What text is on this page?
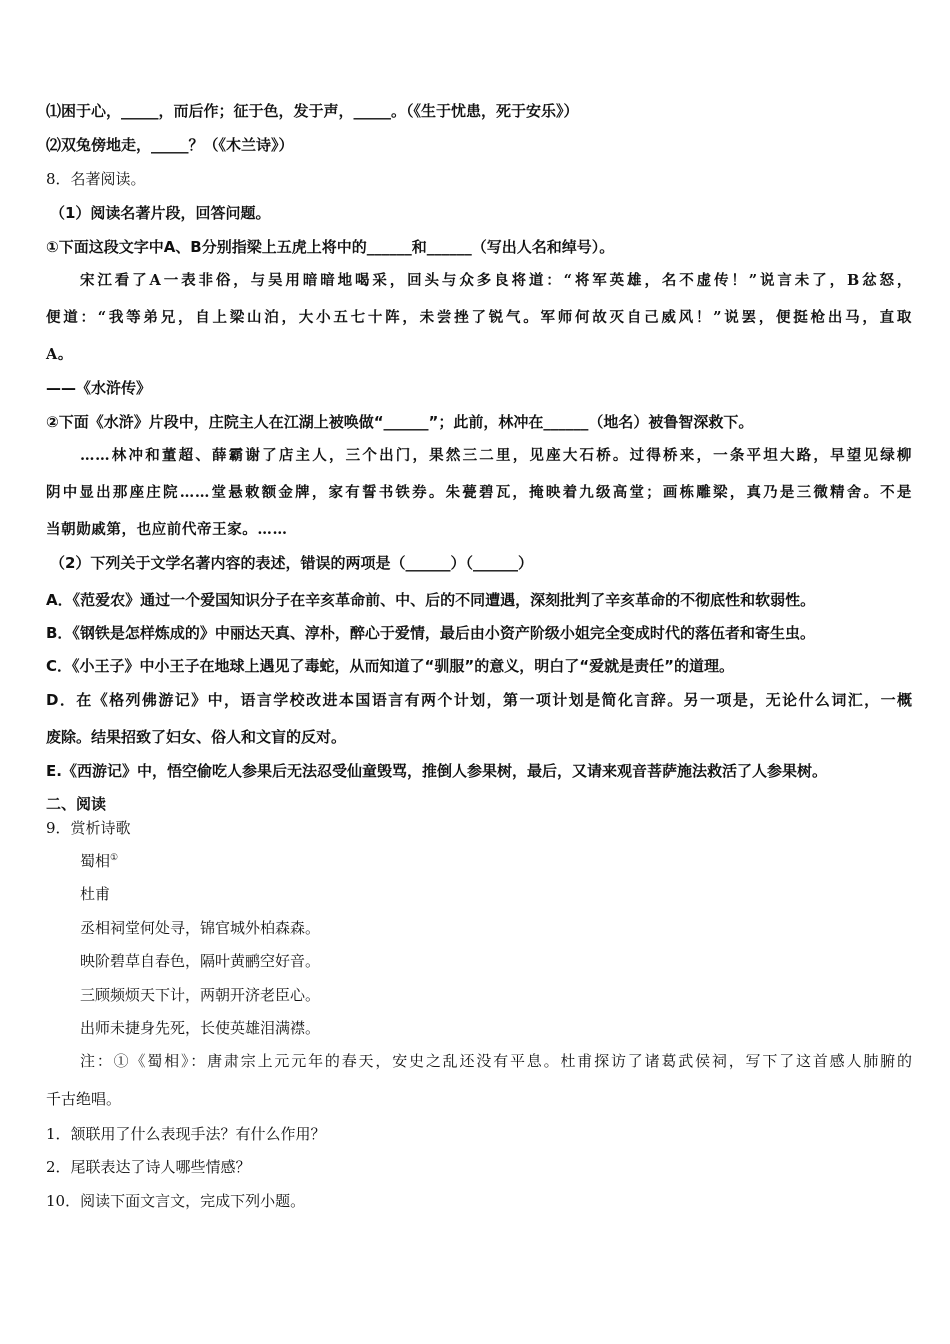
⑴困于心，_____，而后作；征于色，发于声，_____。（《生于忧患，死于安乐》）
⑵双兔傍地走，_____？（《木兰诗》）
8．名著阅读。
（1）阅读名著片段，回答问题。
①下面这段文字中A、B分别指梁上五虎上将中的______和______（写出人名和绰号）。
宋江看了A一表非俗，与吴用暗暗地喝采，回头与众多良将道：“将军英雄，名不虚传！”说言未了，B忿怒，
便道：“我等弟兄，自上梁山泊，大小五七十阵，未尝挫了锐气。军师何故灭自己威风！”说罢，便挺枪出马，直取
A。
——《水浒传》
②下面《水浒》片段中，庄院主人在江湖上被唤做“______”；此前，林冲在______（地名）被鲁智深救下。
……林冲和董超、薛霸谢了店主人，三个出门，果然三二里，见座大石桥。过得桥来，一条平坦大路，早望见绿柳
阴中显出那座庄院……堂悬敕额金牌，家有誓书铁券。朱甍碧瓦，掩映着九级高堂；画栋雕梁，真乃是三微精舍。不是
当朝勋戚第，也应前代帝王家。……
（2）下列关于文学名著内容的表述，错误的两项是（______）（______）
A．《范爱农》通过一个爱国知识分子在辛亥革命前、中、后的不同遭遇，深刻批判了辛亥革命的不彻底性和软弱性。
B．《钢铁是怎样炼成的》中丽达天真、淳朴，醉心于爱情，最后由小资产阶级小姐完全变成时代的落伍者和寄生虫。
C．《小王子》中小王子在地球上遇见了毒蛇，从而知道了“驯服”的意义，明白了“爱就是责任”的道理。
D．在《格列佛游记》中，语言学校改进本国语言有两个计划，第一项计划是简化言辞。另一项是，无论什么词汇，一概
废除。结果招致了妇女、俗人和文盲的反对。
E.《西游记》中，悟空偷吃人参果后无法忍受仙童毁骂，推倒人参果树，最后，又请来观音菩萨施法救活了人参果树。
二、阅读
9．赏析诗歌
蜀相①
杜甫
丞相祠堂何处寻，锦官城外柏森森。
映阶碧草自春色，隔叶黄鹂空好音。
三顾频烦天下计，两朝开济老臣心。
出师未捷身先死，长使英雄泪满襟。
注：①《蜀相》：唐肃宗上元元年的春天，安史之乱还没有平息。杜甫探访了诸葛武侯祠，写下了这首感人肺腑的
千古绝唱。
1．颔联用了什么表现手法？有什么作用？
2．尾联表达了诗人哪些情感？
10．阅读下面文言文，完成下列小题。
